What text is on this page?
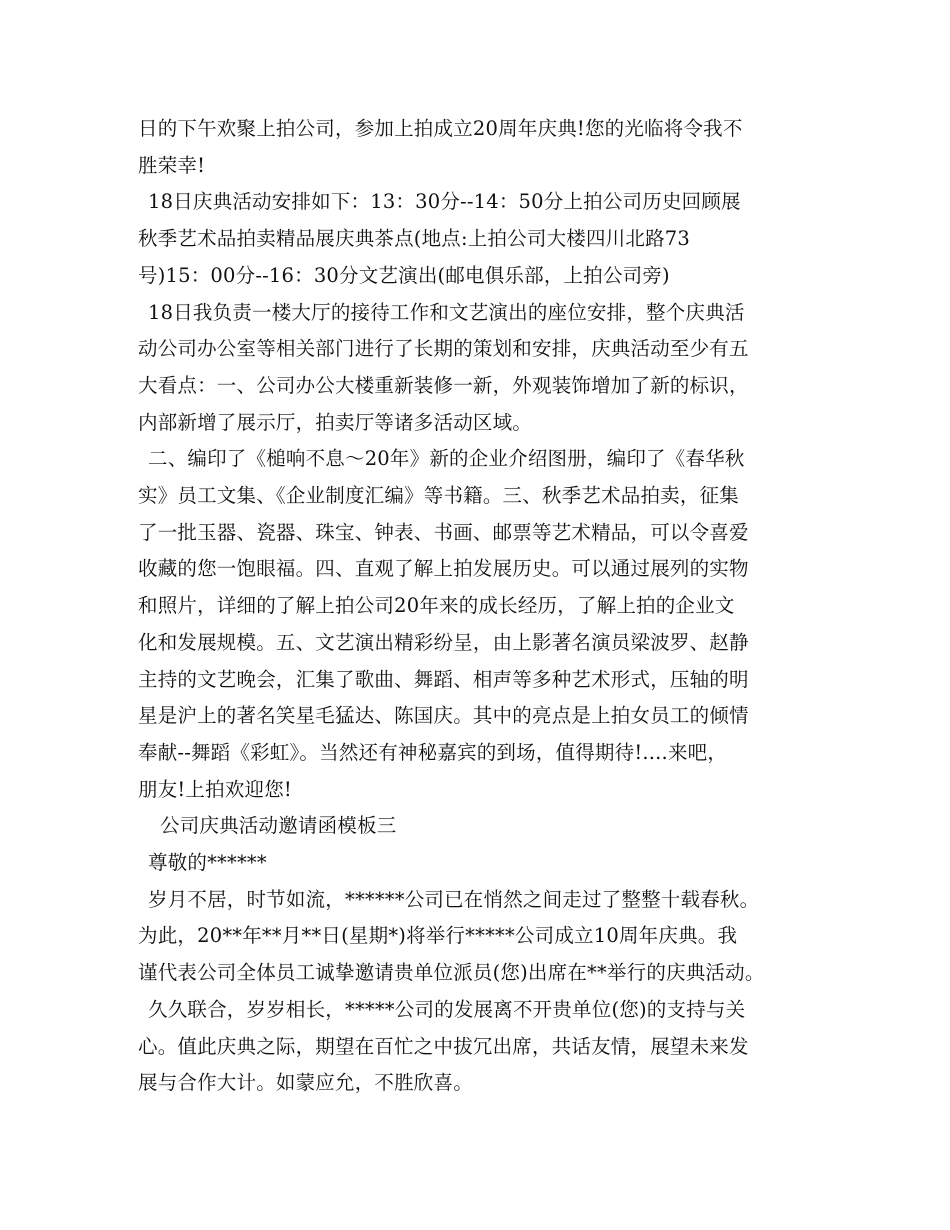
日的下午欢聚上拍公司，参加上拍成立20周年庆典!您的光临将令我不

胜荣幸!

18日庆典活动安排如下：13：30分--14：50分上拍公司历史回顾展

秋季艺术品拍卖精品展庆典茶点(地点:上拍公司大楼四川北路73

号)15：00分--16：30分文艺演出(邮电俱乐部，上拍公司旁)

18日我负责一楼大厅的接待工作和文艺演出的座位安排，整个庆典活

动公司办公室等相关部门进行了长期的策划和安排，庆典活动至少有五

大看点：一、公司办公大楼重新装修一新，外观装饰增加了新的标识，

内部新增了展示厅，拍卖厅等诸多活动区域。

二、编印了《槌响不息～20年》新的企业介绍图册，编印了《春华秋

实》员工文集、《企业制度汇编》等书籍。三、秋季艺术品拍卖，征集

了一批玉器、瓷器、珠宝、钟表、书画、邮票等艺术精品，可以令喜爱

收藏的您一饱眼福。四、直观了解上拍发展历史。可以通过展列的实物

和照片，详细的了解上拍公司20年来的成长经历，了解上拍的企业文

化和发展规模。五、文艺演出精彩纷呈，由上影著名演员梁波罗、赵静

主持的文艺晚会，汇集了歌曲、舞蹈、相声等多种艺术形式，压轴的明

星是沪上的著名笑星毛猛达、陈国庆。其中的亮点是上拍女员工的倾情

奉献--舞蹈《彩虹》。当然还有神秘嘉宾的到场，值得期待!....来吧，

朋友!上拍欢迎您!

公司庆典活动邀请函模板三

尊敬的******

岁月不居，时节如流，******公司已在悄然之间走过了整整十载春秋。

为此，20**年**月**日(星期*)将举行*****公司成立10周年庆典。我

谨代表公司全体员工诚挚邀请贵单位派员(您)出席在**举行的庆典活动。

久久联合，岁岁相长，*****公司的发展离不开贵单位(您)的支持与关

心。值此庆典之际，期望在百忙之中拔冗出席，共话友情，展望未来发

展与合作大计。如蒙应允，不胜欣喜。
